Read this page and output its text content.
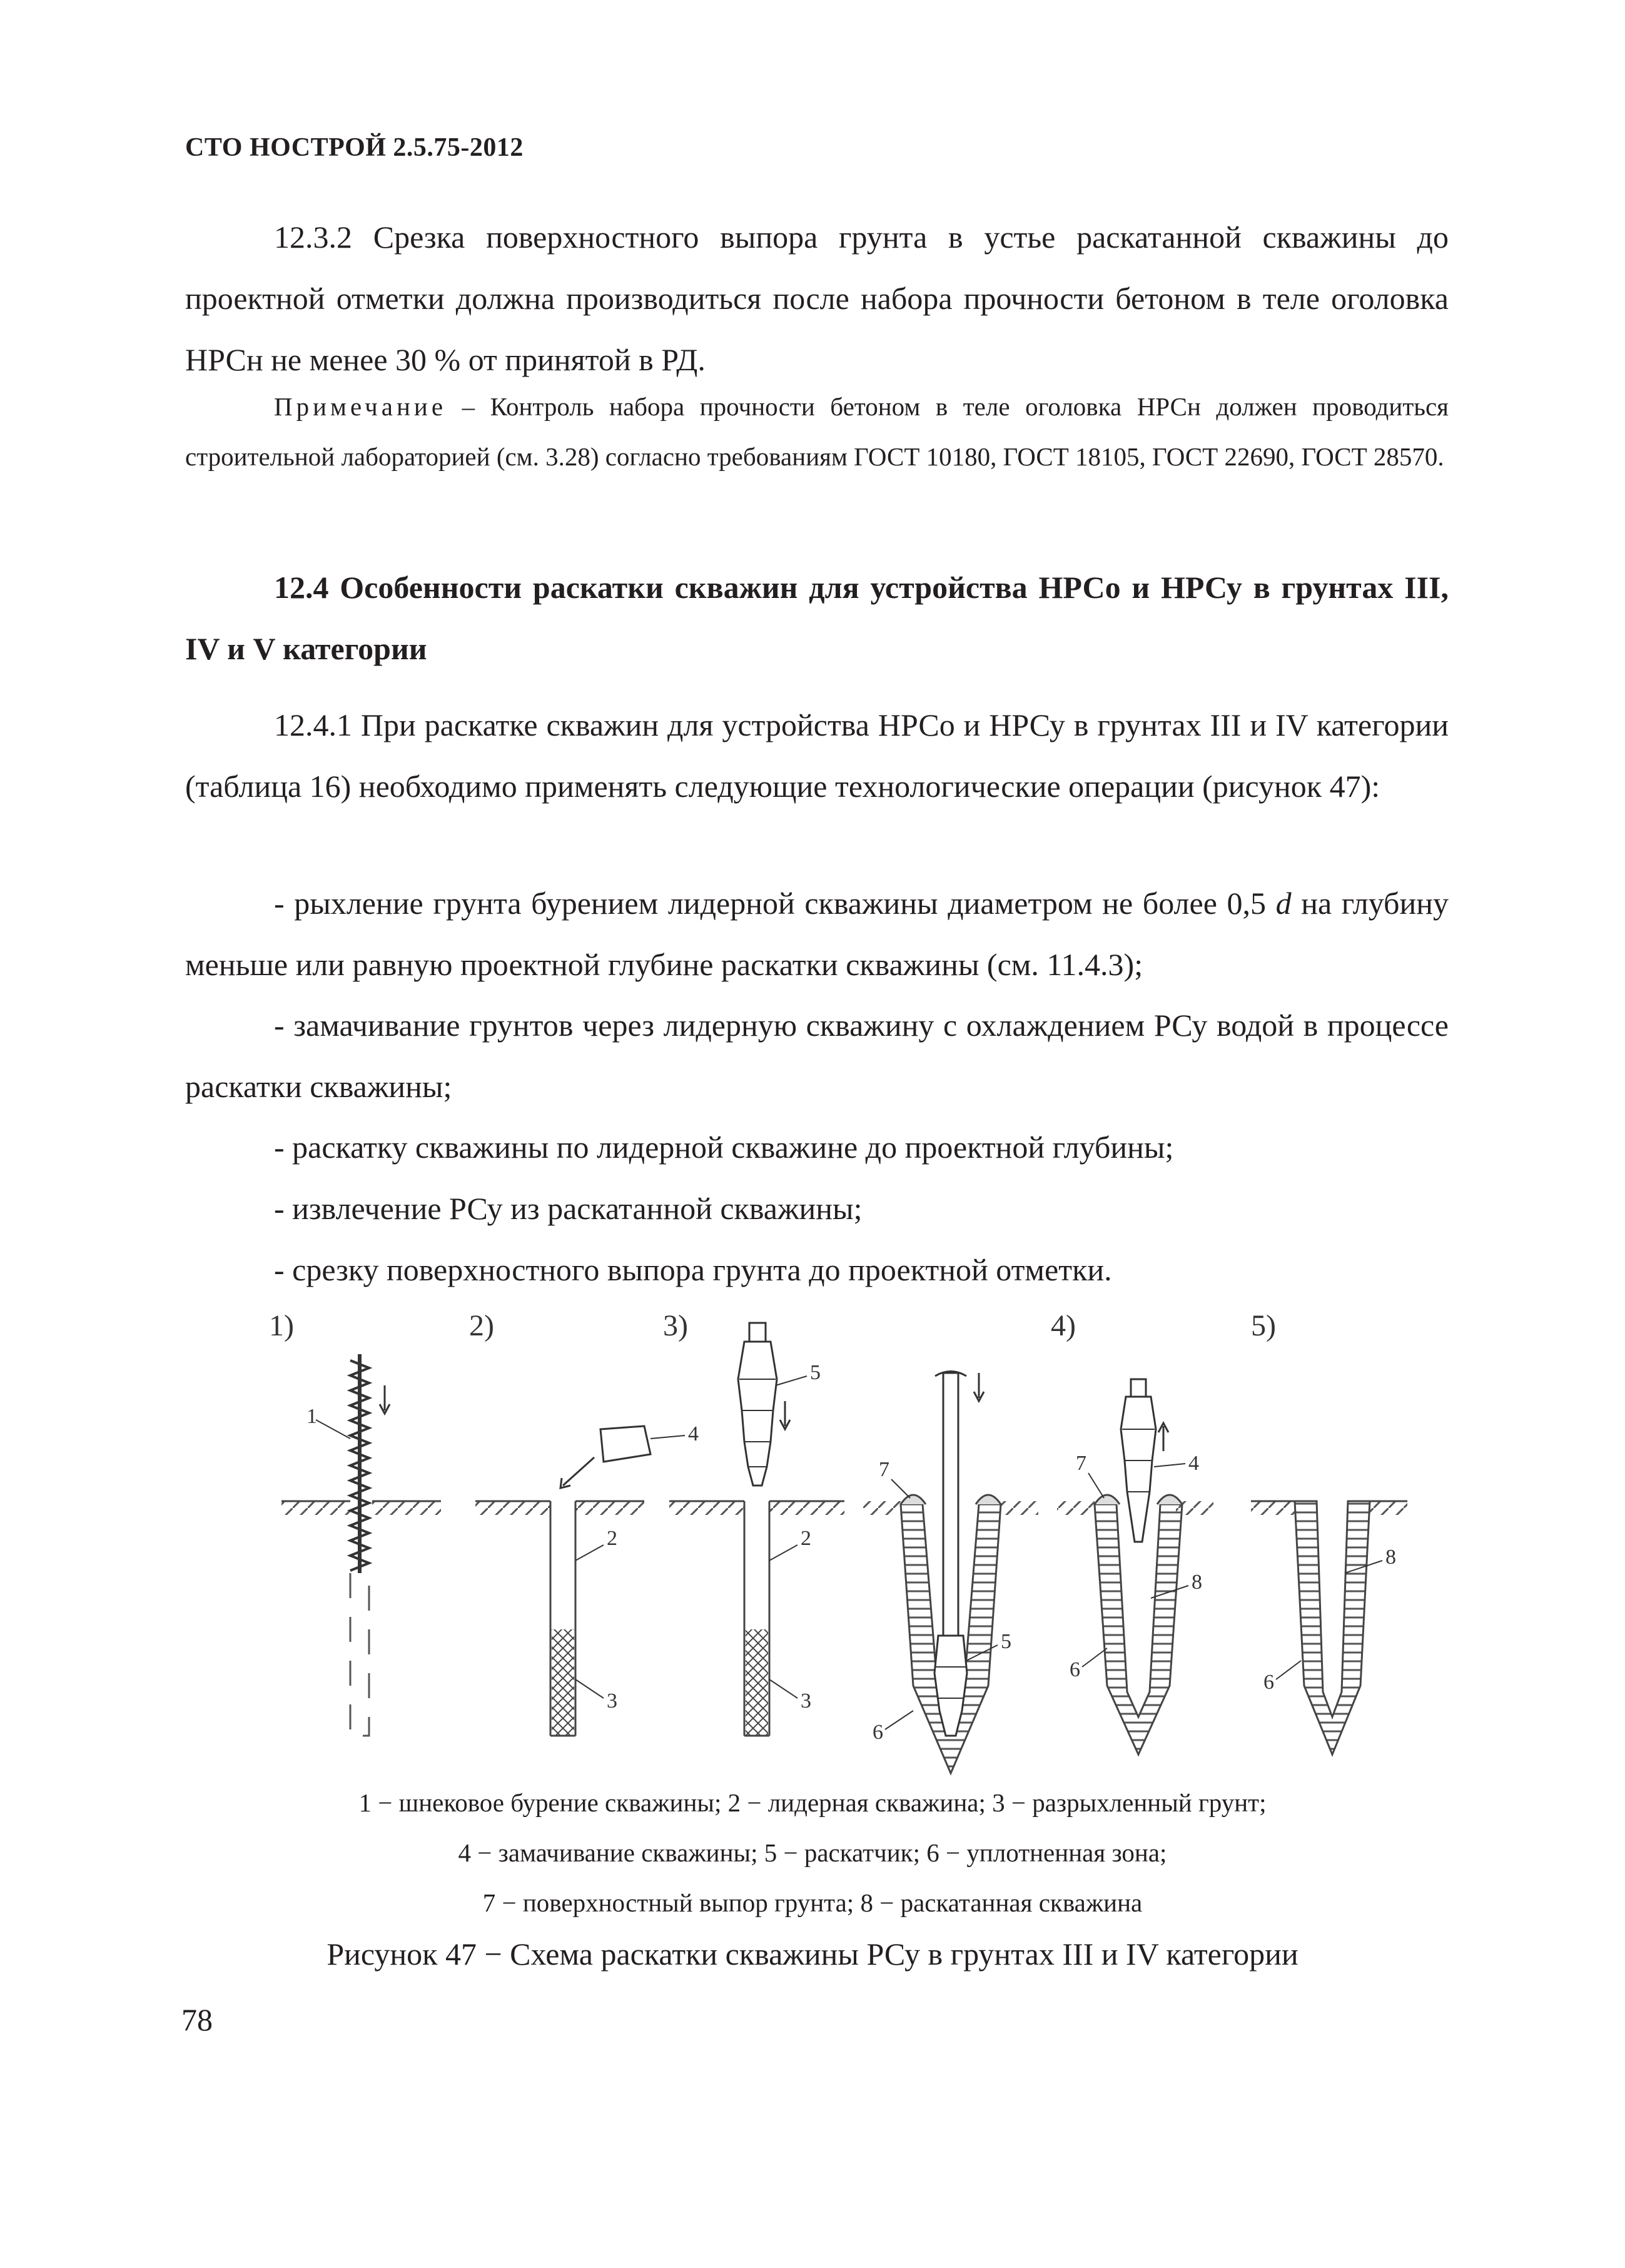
СТО НОСТРОЙ 2.5.75-2012

12.3.2 Срезка поверхностного выпора грунта в устье раскатанной скважины до проектной отметки должна производиться после набора прочности бетоном в теле оголовка НРСн не менее 30 % от принятой в РД.

Примечание – Контроль набора прочности бетоном в теле оголовка НРСн должен проводиться строительной лабораторией (см. 3.28) согласно требованиям ГОСТ 10180, ГОСТ 18105, ГОСТ 22690, ГОСТ 28570.

12.4 Особенности раскатки скважин для устройства НРСо и НРСу в грунтах III, IV и V категории

12.4.1 При раскатке скважин для устройства НРСо и НРСу в грунтах III и IV категории (таблица 16) необходимо применять следующие технологические операции (рисунок 47):

- рыхление грунта бурением лидерной скважины диаметром не более 0,5 d на глубину меньше или равную проектной глубине раскатки скважины (см. 11.4.3);

- замачивание грунтов через лидерную скважину с охлаждением РСу водой в процессе раскатки скважины;

- раскатку скважины по лидерной скважине до проектной глубины;

- извлечение РСу из раскатанной скважины;

- срезку поверхностного выпора грунта до проектной отметки.

1)	2)	3)	4)	5)
1
4
2
3
5
2
3
7
5
6
4
7
8
6
8
6
1 − шнековое бурение скважины; 2 − лидерная скважина; 3 − разрыхленный грунт;
4 − замачивание скважины; 5 − раскатчик; 6 − уплотненная зона;
7 − поверхностный выпор грунта; 8 − раскатанная скважина
Рисунок 47 − Схема раскатки скважины РСу в грунтах III и IV категории
78
